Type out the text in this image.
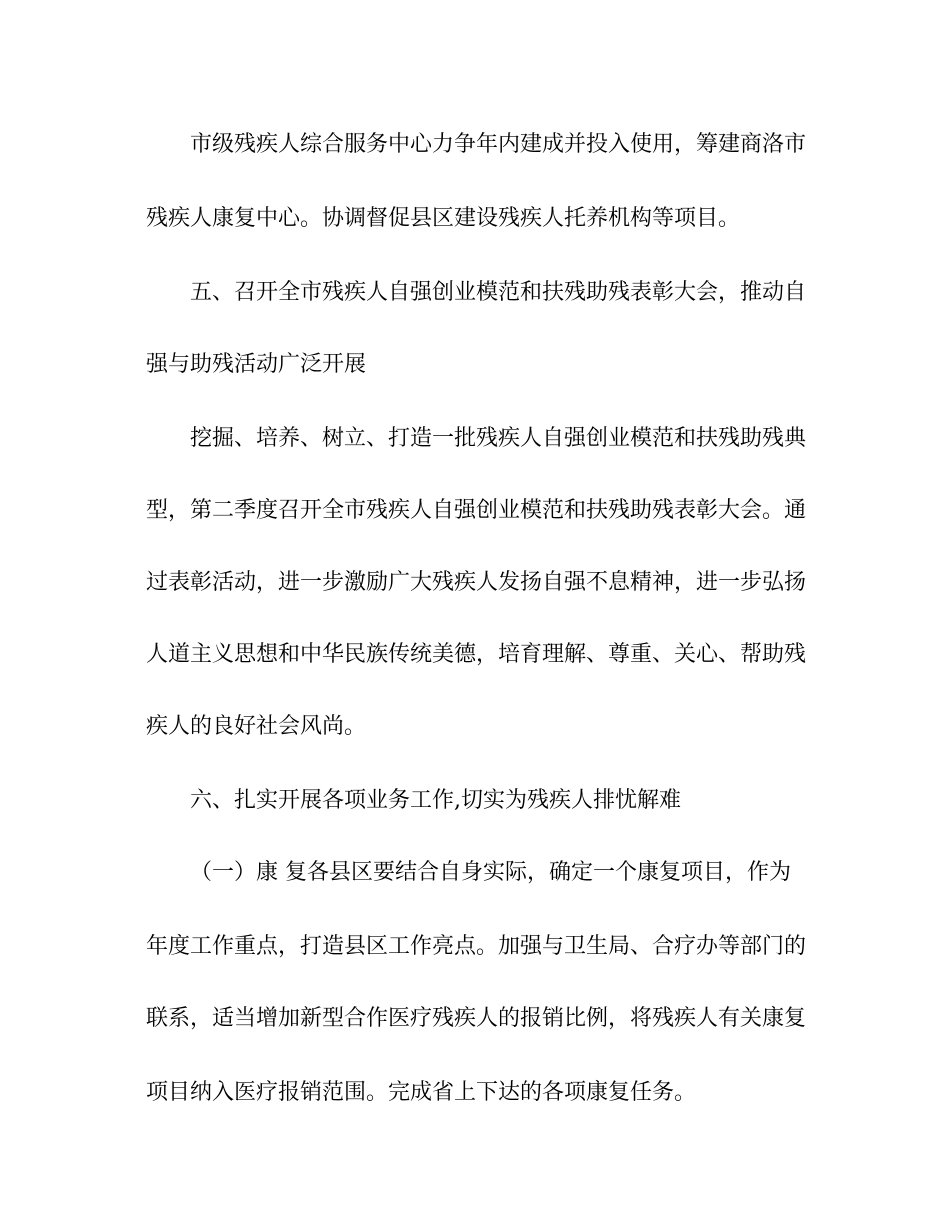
市级残疾人综合服务中心力争年内建成并投入使用，筹建商洛市
残疾人康复中心。协调督促县区建设残疾人托养机构等项目。
五、召开全市残疾人自强创业模范和扶残助残表彰大会，推动自
强与助残活动广泛开展
挖掘、培养、树立、打造一批残疾人自强创业模范和扶残助残典
型，第二季度召开全市残疾人自强创业模范和扶残助残表彰大会。通
过表彰活动，进一步激励广大残疾人发扬自强不息精神，进一步弘扬
人道主义思想和中华民族传统美德，培育理解、尊重、关心、帮助残
疾人的良好社会风尚。
六、扎实开展各项业务工作,切实为残疾人排忧解难
（一）康 复各县区要结合自身实际，确定一个康复项目，作为
年度工作重点，打造县区工作亮点。加强与卫生局、合疗办等部门的
联系，适当增加新型合作医疗残疾人的报销比例，将残疾人有关康复
项目纳入医疗报销范围。完成省上下达的各项康复任务。
